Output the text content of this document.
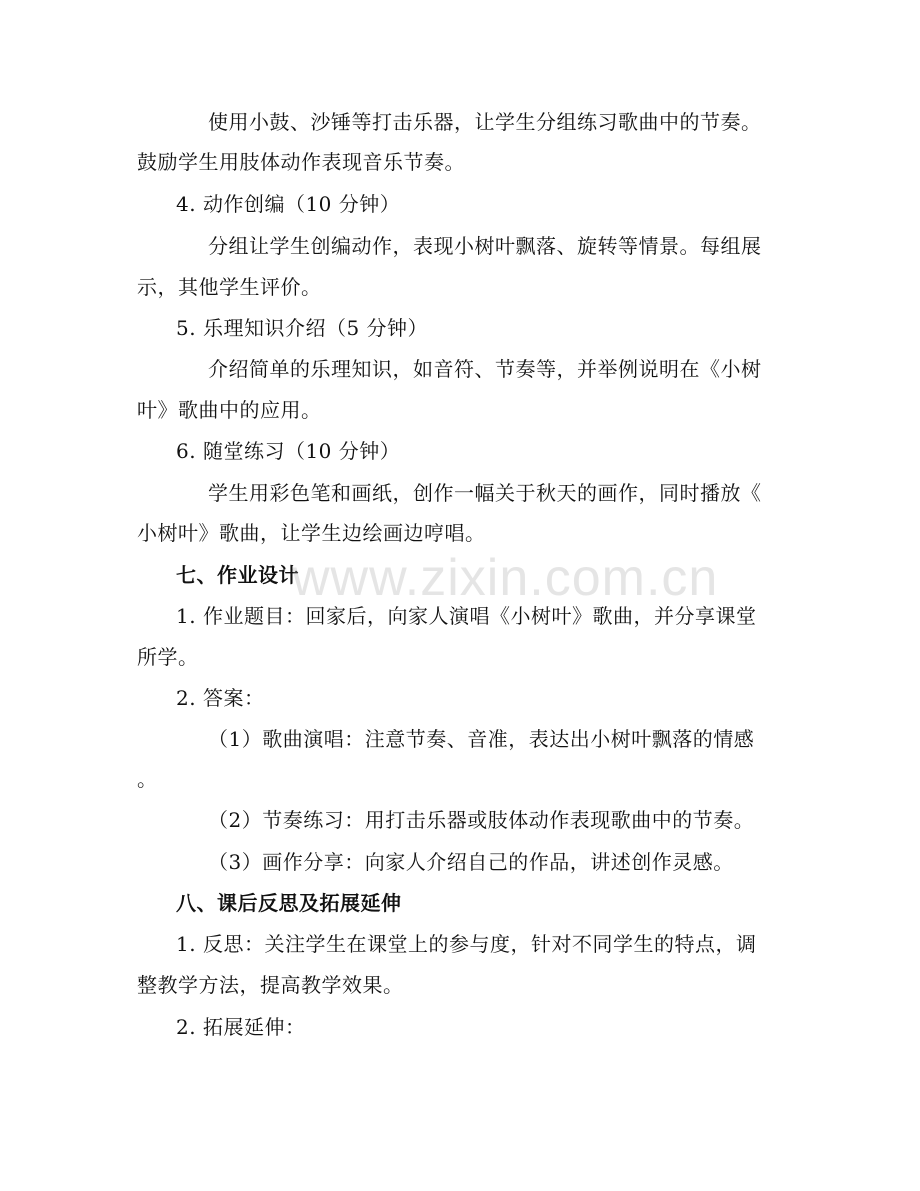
使用小鼓、沙锤等打击乐器，让学生分组练习歌曲中的节奏。
鼓励学生用肢体动作表现音乐节奏。
4. 动作创编（10 分钟）
分组让学生创编动作，表现小树叶飘落、旋转等情景。每组展
示，其他学生评价。
5. 乐理知识介绍（5 分钟）
介绍简单的乐理知识，如音符、节奏等，并举例说明在《小树
叶》歌曲中的应用。
6. 随堂练习（10 分钟）
学生用彩色笔和画纸，创作一幅关于秋天的画作，同时播放《
小树叶》歌曲，让学生边绘画边哼唱。
七、作业设计
1. 作业题目：回家后，向家人演唱《小树叶》歌曲，并分享课堂
所学。
2. 答案：
（1）歌曲演唱：注意节奏、音准，表达出小树叶飘落的情感
。
（2）节奏练习：用打击乐器或肢体动作表现歌曲中的节奏。
（3）画作分享：向家人介绍自己的作品，讲述创作灵感。
八、课后反思及拓展延伸
1. 反思：关注学生在课堂上的参与度，针对不同学生的特点，调
整教学方法，提高教学效果。
2. 拓展延伸：
www.zixin.com.cn
